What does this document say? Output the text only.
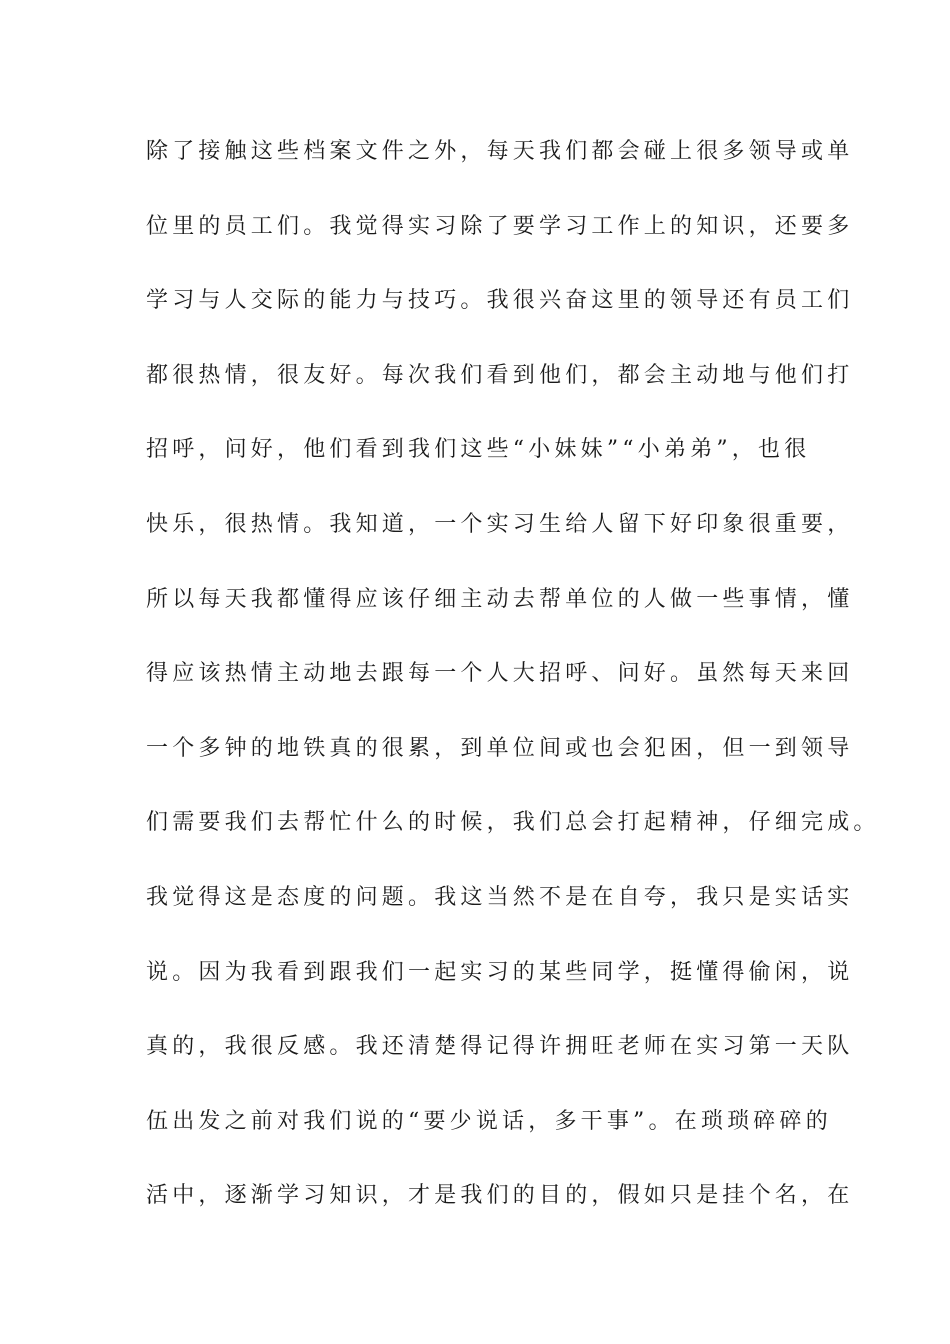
除了接触这些档案文件之外，每天我们都会碰上很多领导或单
位里的员工们。我觉得实习除了要学习工作上的知识，还要多
学习与人交际的能力与技巧。我很兴奋这里的领导还有员工们
都很热情，很友好。每次我们看到他们，都会主动地与他们打
招呼，问好，他们看到我们这些“小妹妹”“小弟弟”，也很
快乐，很热情。我知道，一个实习生给人留下好印象很重要，
所以每天我都懂得应该仔细主动去帮单位的人做一些事情，懂
得应该热情主动地去跟每一个人大招呼、问好。虽然每天来回
一个多钟的地铁真的很累，到单位间或也会犯困，但一到领导
们需要我们去帮忙什么的时候，我们总会打起精神，仔细完成。
我觉得这是态度的问题。我这当然不是在自夸，我只是实话实
说。因为我看到跟我们一起实习的某些同学，挺懂得偷闲，说
真的，我很反感。我还清楚得记得许拥旺老师在实习第一天队
伍出发之前对我们说的“要少说话，多干事”。在琐琐碎碎的
活中，逐渐学习知识，才是我们的目的，假如只是挂个名，在
